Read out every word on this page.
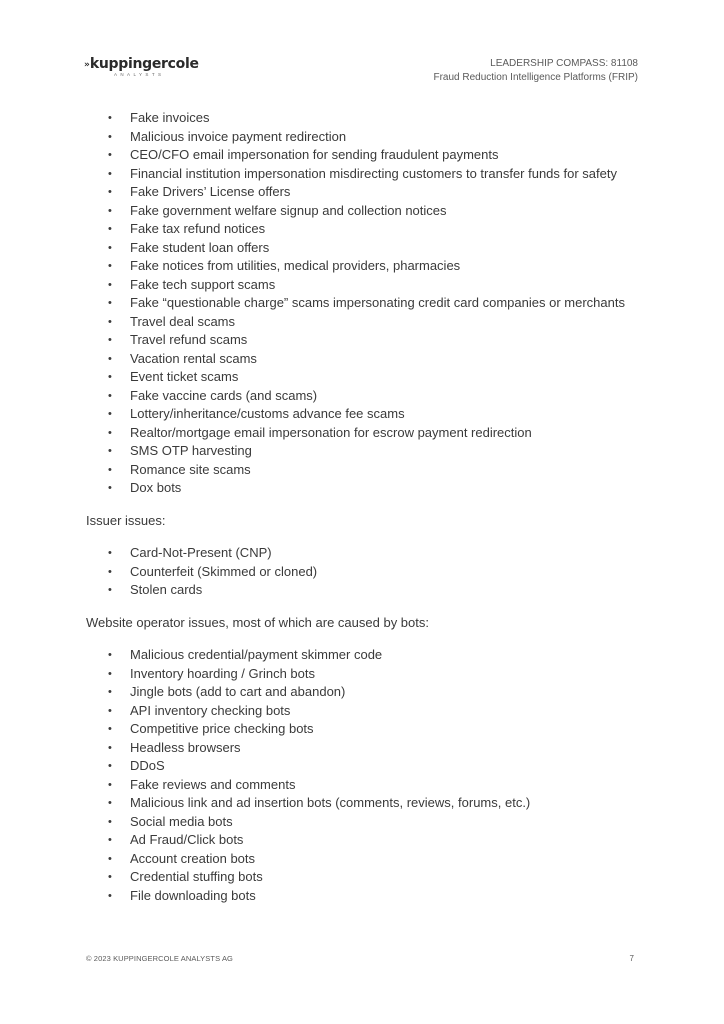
» kuppingercole
ANALYSTS
LEADERSHIP COMPASS: 81108
Fraud Reduction Intelligence Platforms (FRIP)
• Fake invoices
• Malicious invoice payment redirection
• CEO/CFO email impersonation for sending fraudulent payments
• Financial institution impersonation misdirecting customers to transfer funds for safety
• Fake Drivers’ License offers
• Fake government welfare signup and collection notices
• Fake tax refund notices
• Fake student loan offers
• Fake notices from utilities, medical providers, pharmacies
• Fake tech support scams
• Fake “questionable charge” scams impersonating credit card companies or merchants
• Travel deal scams
• Travel refund scams
• Vacation rental scams
• Event ticket scams
• Fake vaccine cards (and scams)
• Lottery/inheritance/customs advance fee scams
• Realtor/mortgage email impersonation for escrow payment redirection
• SMS OTP harvesting
• Romance site scams
• Dox bots

Issuer issues:

• Card-Not-Present (CNP)
• Counterfeit (Skimmed or cloned)
• Stolen cards

Website operator issues, most of which are caused by bots:

• Malicious credential/payment skimmer code
• Inventory hoarding / Grinch bots
• Jingle bots (add to cart and abandon)
• API inventory checking bots
• Competitive price checking bots
• Headless browsers
• DDoS
• Fake reviews and comments
• Malicious link and ad insertion bots (comments, reviews, forums, etc.)
• Social media bots
• Ad Fraud/Click bots
• Account creation bots
• Credential stuffing bots
• File downloading bots
© 2023 KUPPINGERCOLE ANALYSTS AG	7
